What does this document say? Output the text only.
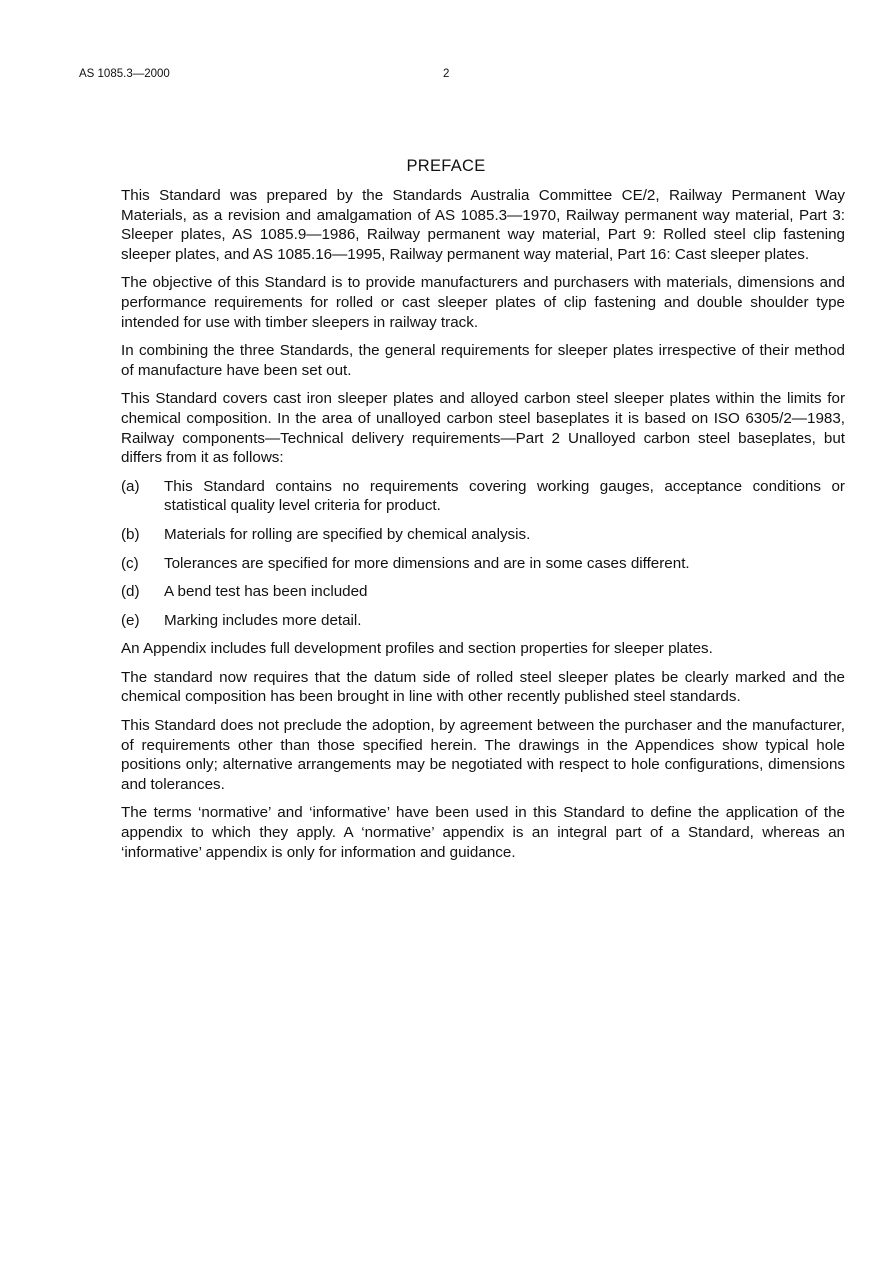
AS 1085.3—2000	2
PREFACE

This Standard was prepared by the Standards Australia Committee CE/2, Railway Permanent Way Materials, as a revision and amalgamation of AS 1085.3—1970, Railway permanent way material, Part 3: Sleeper plates, AS 1085.9—1986, Railway permanent way material, Part 9: Rolled steel clip fastening sleeper plates, and AS 1085.16—1995, Railway permanent way material, Part 16: Cast sleeper plates.

The objective of this Standard is to provide manufacturers and purchasers with materials, dimensions and performance requirements for rolled or cast sleeper plates of clip fastening and double shoulder type intended for use with timber sleepers in railway track.

In combining the three Standards, the general requirements for sleeper plates irrespective of their method of manufacture have been set out.

This Standard covers cast iron sleeper plates and alloyed carbon steel sleeper plates within the limits for chemical composition. In the area of unalloyed carbon steel baseplates it is based on ISO 6305/2—1983, Railway components—Technical delivery requirements—Part 2 Unalloyed carbon steel baseplates, but differs from it as follows:

(a)	This Standard contains no requirements covering working gauges, acceptance conditions or statistical quality level criteria for product.
(b)	Materials for rolling are specified by chemical analysis.
(c)	Tolerances are specified for more dimensions and are in some cases different.
(d)	A bend test has been included
(e)	Marking includes more detail.

An Appendix includes full development profiles and section properties for sleeper plates.

The standard now requires that the datum side of rolled steel sleeper plates be clearly marked and the chemical composition has been brought in line with other recently published steel standards.

This Standard does not preclude the adoption, by agreement between the purchaser and the manufacturer, of requirements other than those specified herein. The drawings in the Appendices show typical hole positions only; alternative arrangements may be negotiated with respect to hole configurations, dimensions and tolerances.

The terms ‘normative’ and ‘informative’ have been used in this Standard to define the application of the appendix to which they apply. A ‘normative’ appendix is an integral part of a Standard, whereas an ‘informative’ appendix is only for information and guidance.
